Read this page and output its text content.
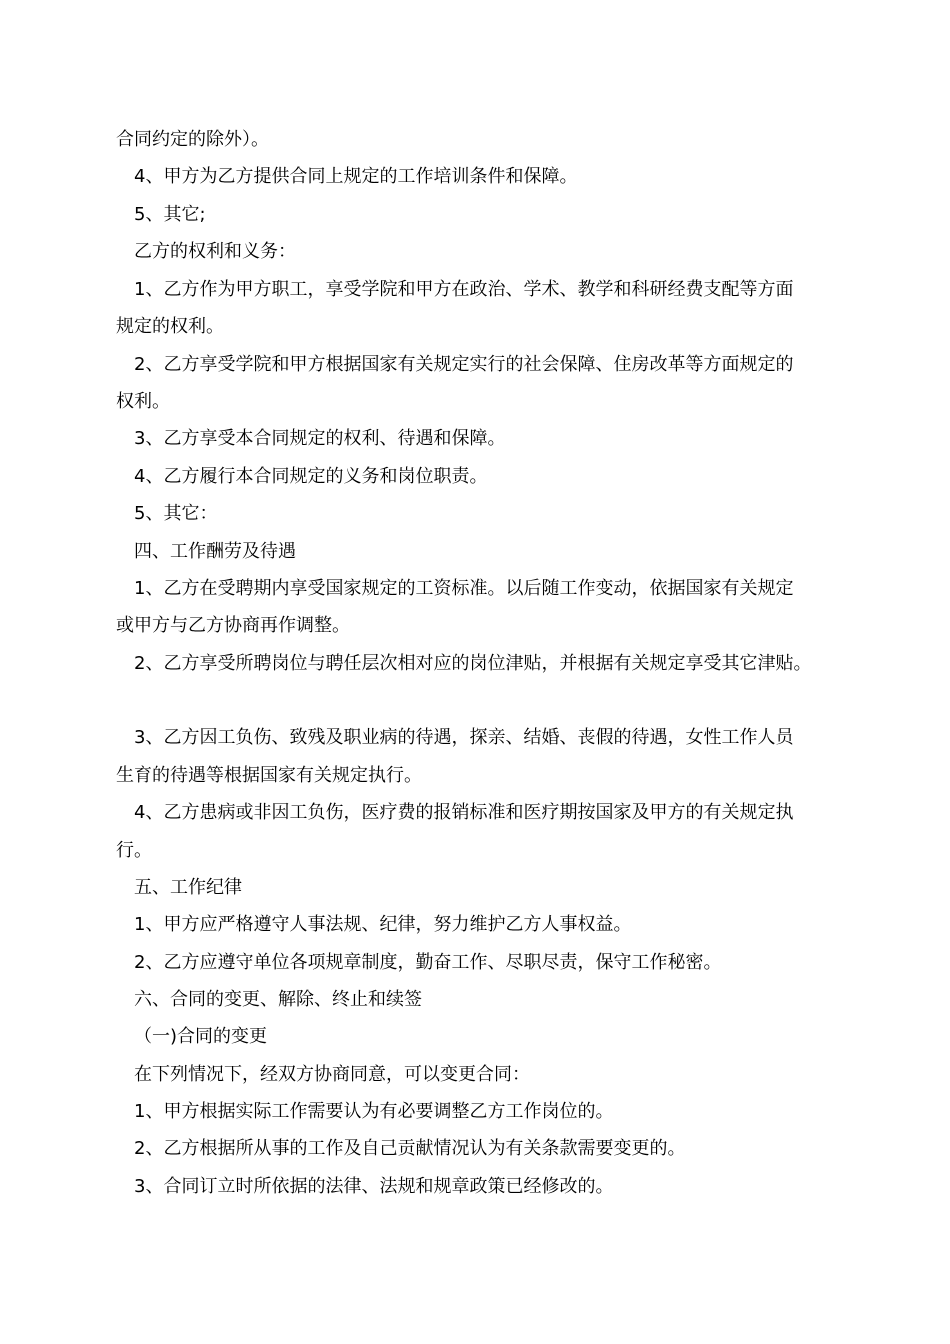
合同约定的除外）。
4、甲方为乙方提供合同上规定的工作培训条件和保障。
5、其它;
乙方的权利和义务：
1、乙方作为甲方职工，享受学院和甲方在政治、学术、教学和科研经费支配等方面
规定的权利。
2、乙方享受学院和甲方根据国家有关规定实行的社会保障、住房改革等方面规定的
权利。
3、乙方享受本合同规定的权利、待遇和保障。
4、乙方履行本合同规定的义务和岗位职责。
5、其它：
四、工作酬劳及待遇
1、乙方在受聘期内享受国家规定的工资标准。以后随工作变动，依据国家有关规定
或甲方与乙方协商再作调整。
2、乙方享受所聘岗位与聘任层次相对应的岗位津贴，并根据有关规定享受其它津贴。
3、乙方因工负伤、致残及职业病的待遇，探亲、结婚、丧假的待遇，女性工作人员
生育的待遇等根据国家有关规定执行。
4、乙方患病或非因工负伤，医疗费的报销标准和医疗期按国家及甲方的有关规定执
行。
五、工作纪律
1、甲方应严格遵守人事法规、纪律，努力维护乙方人事权益。
2、乙方应遵守单位各项规章制度，勤奋工作、尽职尽责，保守工作秘密。
六、合同的变更、解除、终止和续签
（一)合同的变更
在下列情况下，经双方协商同意，可以变更合同：
1、甲方根据实际工作需要认为有必要调整乙方工作岗位的。
2、乙方根据所从事的工作及自己贡献情况认为有关条款需要变更的。
3、合同订立时所依据的法律、法规和规章政策已经修改的。
